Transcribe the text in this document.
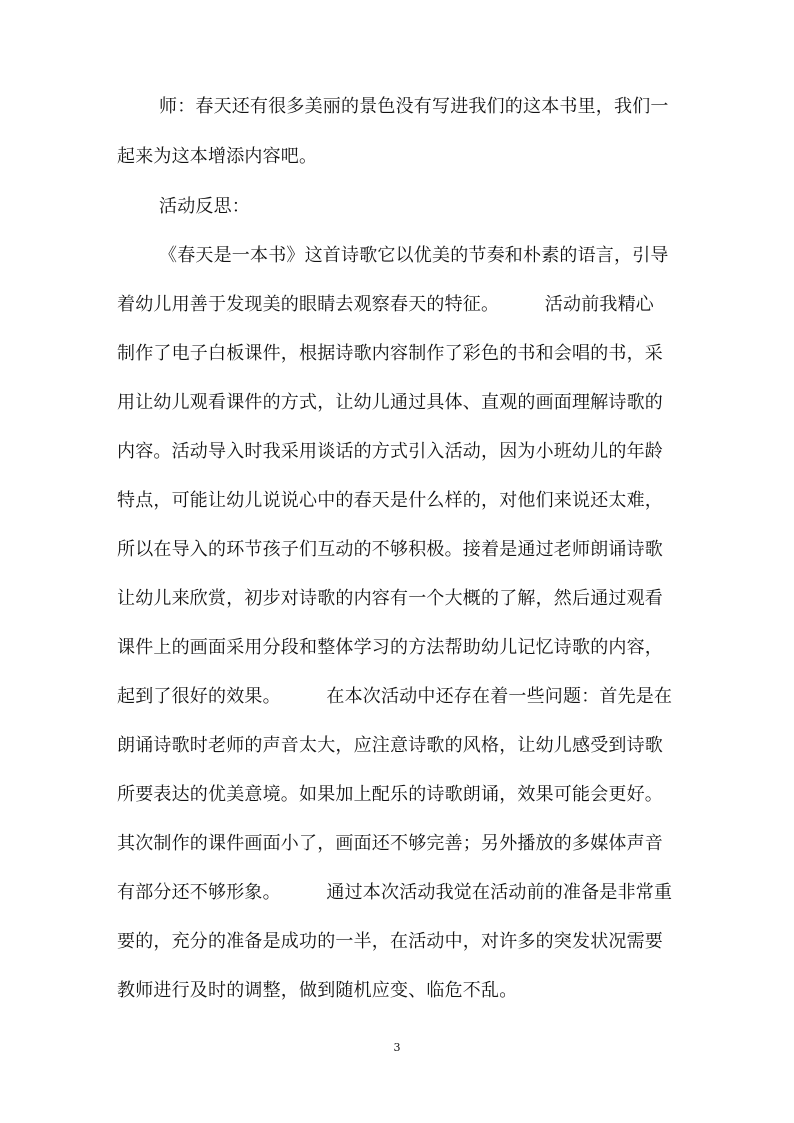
师：春天还有很多美丽的景色没有写进我们的这本书里，我们一
起来为这本增添内容吧。
活动反思：
《春天是一本书》这首诗歌它以优美的节奏和朴素的语言，引导
着幼儿用善于发现美的眼睛去观察春天的特征。　　　活动前我精心
制作了电子白板课件，根据诗歌内容制作了彩色的书和会唱的书，采
用让幼儿观看课件的方式，让幼儿通过具体、直观的画面理解诗歌的
内容。活动导入时我采用谈话的方式引入活动，因为小班幼儿的年龄
特点，可能让幼儿说说心中的春天是什么样的，对他们来说还太难，
所以在导入的环节孩子们互动的不够积极。接着是通过老师朗诵诗歌
让幼儿来欣赏，初步对诗歌的内容有一个大概的了解，然后通过观看
课件上的画面采用分段和整体学习的方法帮助幼儿记忆诗歌的内容，
起到了很好的效果。　　　在本次活动中还存在着一些问题：首先是在
朗诵诗歌时老师的声音太大，应注意诗歌的风格，让幼儿感受到诗歌
所要表达的优美意境。如果加上配乐的诗歌朗诵，效果可能会更好。
其次制作的课件画面小了，画面还不够完善；另外播放的多媒体声音
有部分还不够形象。　　　通过本次活动我觉在活动前的准备是非常重
要的，充分的准备是成功的一半，在活动中，对许多的突发状况需要
教师进行及时的调整，做到随机应变、临危不乱。
3
